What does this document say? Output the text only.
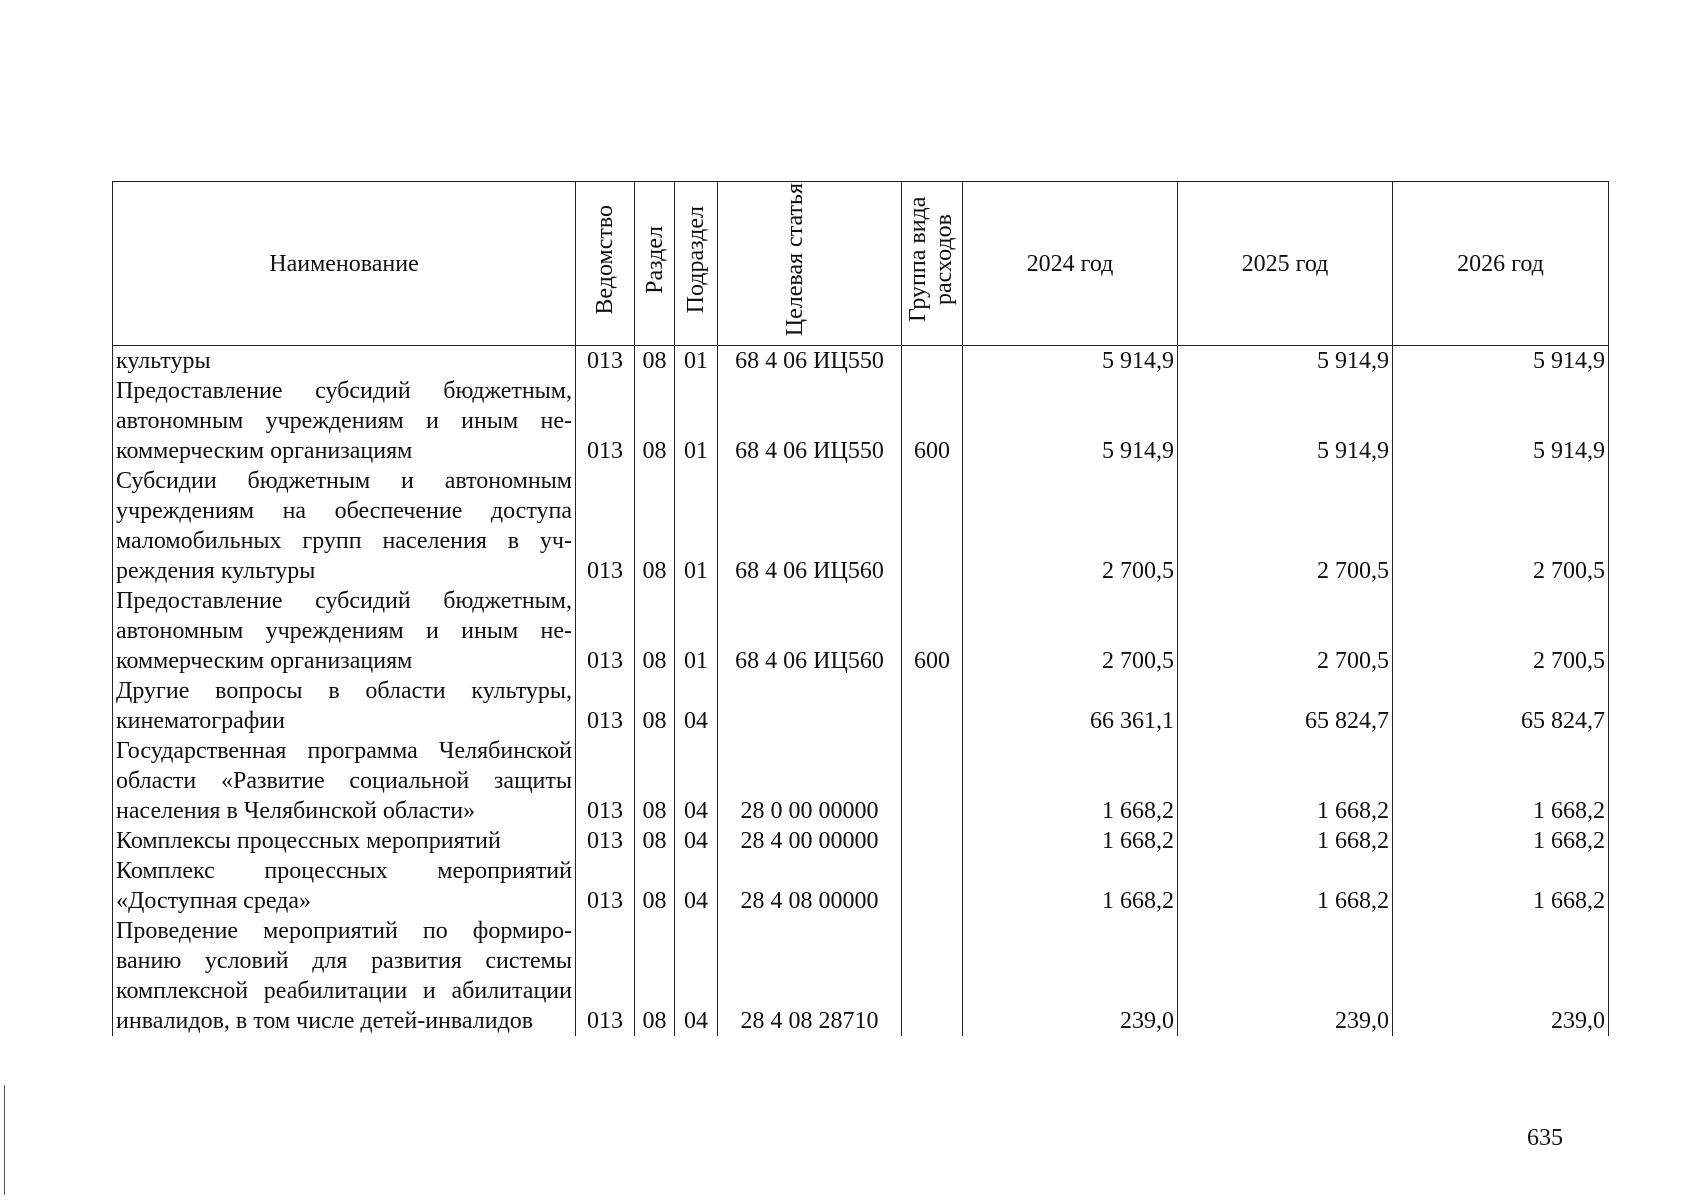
Наименование	Ведомство	Раздел	Подраздел	Целевая статья	Группа вида расходов	2024 год	2025 год	2026 год
культуры	013	08	01	68 4 06 ИЦ550		5 914,9	5 914,9	5 914,9
Предоставление субсидий бюджетным, автономным учреждениям и иным некоммерческим организациям	013	08	01	68 4 06 ИЦ550	600	5 914,9	5 914,9	5 914,9
Субсидии бюджетным и автономным учреждениям на обеспечение доступа маломобильных групп населения в учреждения культуры	013	08	01	68 4 06 ИЦ560		2 700,5	2 700,5	2 700,5
Предоставление субсидий бюджетным, автономным учреждениям и иным некоммерческим организациям	013	08	01	68 4 06 ИЦ560	600	2 700,5	2 700,5	2 700,5
Другие вопросы в области культуры, кинематографии	013	08	04			66 361,1	65 824,7	65 824,7
Государственная программа Челябинской области «Развитие социальной защиты населения в Челябинской области»	013	08	04	28 0 00 00000		1 668,2	1 668,2	1 668,2
Комплексы процессных мероприятий	013	08	04	28 4 00 00000		1 668,2	1 668,2	1 668,2
Комплекс процессных мероприятий «Доступная среда»	013	08	04	28 4 08 00000		1 668,2	1 668,2	1 668,2
Проведение мероприятий по формированию условий для развития системы комплексной реабилитации и абилитации инвалидов, в том числе детей-инвалидов	013	08	04	28 4 08 28710		239,0	239,0	239,0
635
